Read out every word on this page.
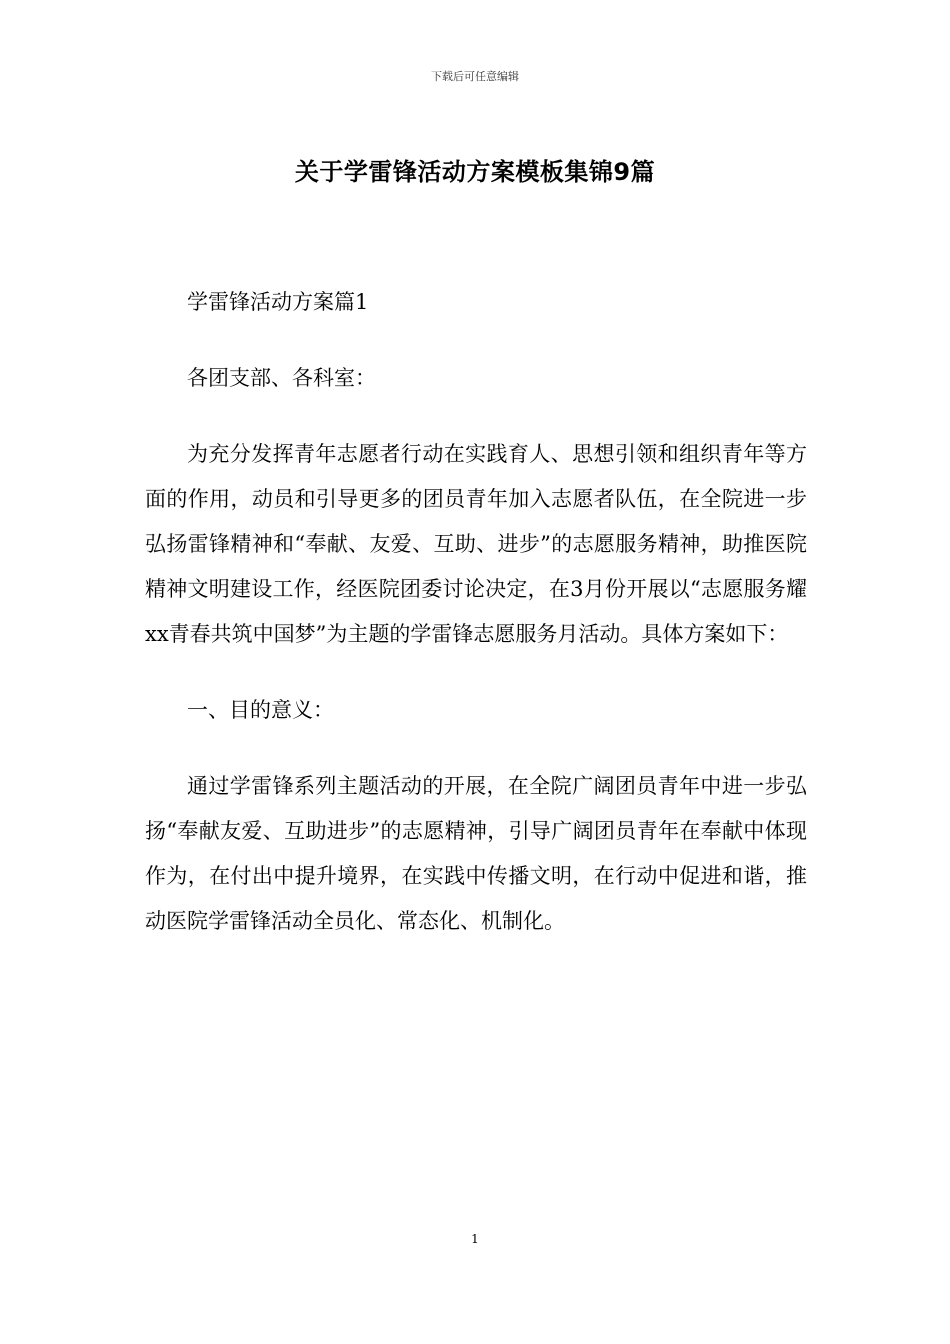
下载后可任意编辑
关于学雷锋活动方案模板集锦9篇

学雷锋活动方案篇1

各团支部、各科室：

为充分发挥青年志愿者行动在实践育人、思想引领和组织青年等方面的作用，动员和引导更多的团员青年加入志愿者队伍，在全院进一步弘扬雷锋精神和“奉献、友爱、互助、进步”的志愿服务精神，助推医院精神文明建设工作，经医院团委讨论决定，在3月份开展以“志愿服务耀xx青春共筑中国梦”为主题的学雷锋志愿服务月活动。具体方案如下：

一、目的意义：

通过学雷锋系列主题活动的开展，在全院广阔团员青年中进一步弘扬“奉献友爱、互助进步”的志愿精神，引导广阔团员青年在奉献中体现作为，在付出中提升境界，在实践中传播文明，在行动中促进和谐，推动医院学雷锋活动全员化、常态化、机制化。

1
